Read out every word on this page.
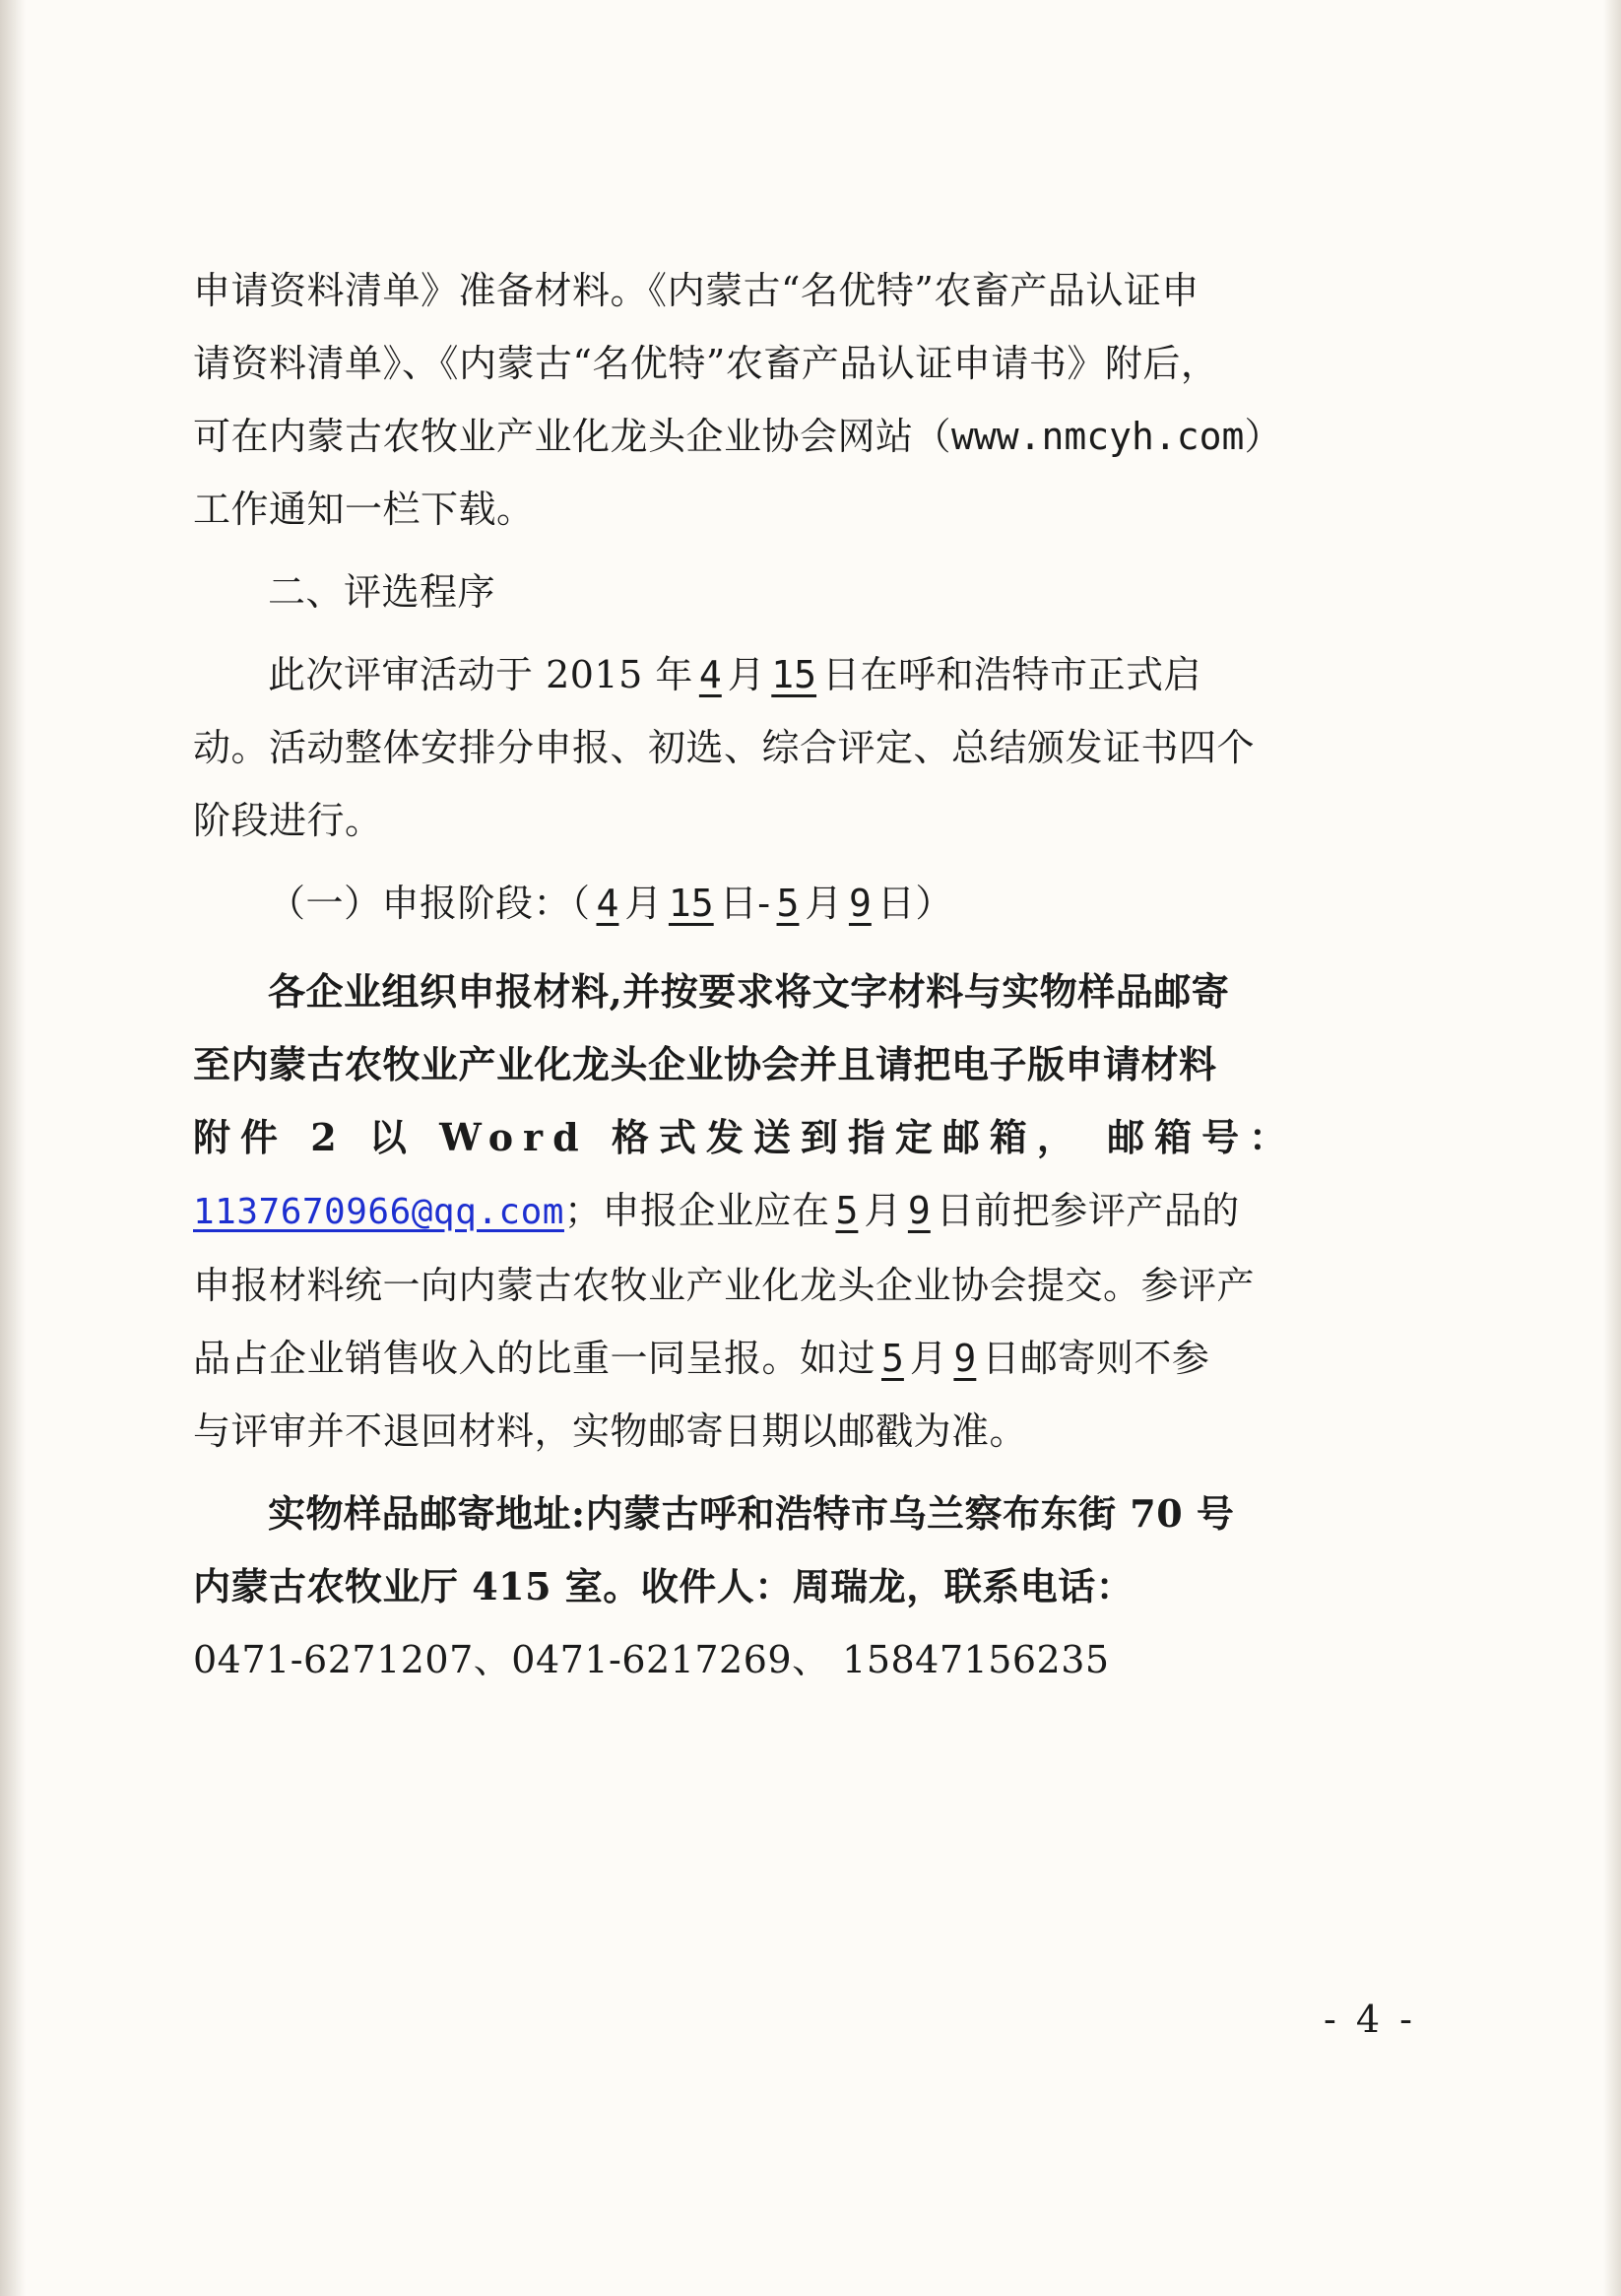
申请资料清单》准备材料。《内蒙古“名优特”农畜产品认证申
请资料清单》、《内蒙古“名优特”农畜产品认证申请书》附后，
可在内蒙古农牧业产业化龙头企业协会网站（www.nmcyh.com）
工作通知一栏下载。

二、评选程序

此次评审活动于 2015 年 4 月 15 日在呼和浩特市正式启
动。活动整体安排分申报、初选、综合评定、总结颁发证书四个
阶段进行。

（一）申报阶段：（ 4 月 15 日- 5 月 9 日）

各企业组织申报材料,并按要求将文字材料与实物样品邮寄
至内蒙古农牧业产业化龙头企业协会并且请把电子版申请材料
附件 2 以 Word 格式发送到指定邮箱， 邮箱号：

1137670966@qq.com；申报企业应在 5 月 9 日前把参评产品的
申报材料统一向内蒙古农牧业产业化龙头企业协会提交。参评产
品占企业销售收入的比重一同呈报。如过 5 月 9 日邮寄则不参
与评审并不退回材料，实物邮寄日期以邮戳为准。

实物样品邮寄地址:内蒙古呼和浩特市乌兰察布东街 70 号
内蒙古农牧业厅 415 室。收件人：周瑞龙，联系电话：

0471-6271207、0471-6217269、 15847156235

- 4 -
